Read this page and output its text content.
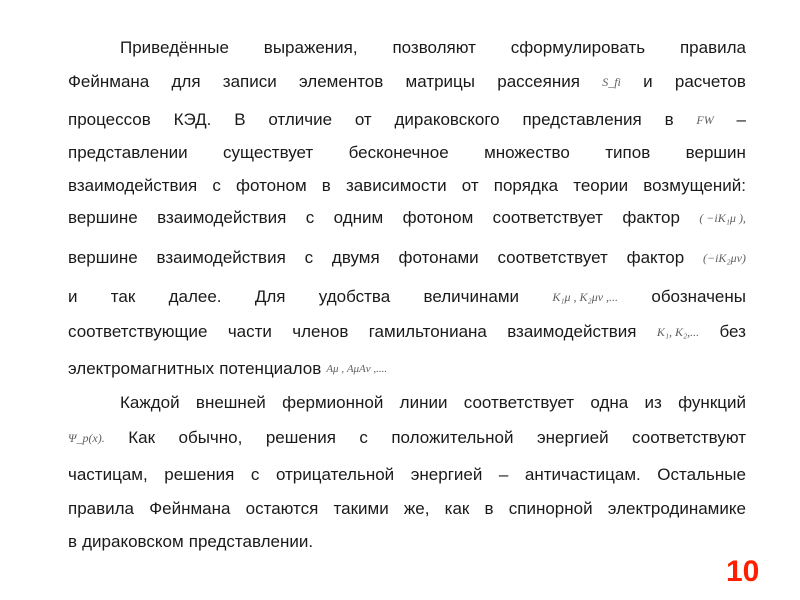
Приведённые выражения, позволяют сформулировать правила
Фейнмана для записи элементов матрицы рассеяния S_fi и расчетов
процессов КЭД. В отличие от дираковского представления в FW –
представлении существует бесконечное множество типов вершин
взаимодействия с фотоном в зависимости от порядка теории возмущений:
вершине взаимодействия с одним фотоном соответствует фактор ( −iK₁μ ),
вершине взаимодействия с двумя фотонами соответствует фактор (−iK₂μν)
и так далее. Для удобства величинами	K₁μ , K₂μν ,... обозначены
соответствующие части членов гамильтониана взаимодействия K₁, K₂,... без
электромагнитных потенциалов Aμ , AμAν ,....
Каждой внешней фермионной линии соответствует одна из функций
Ψ_p(x). Как обычно, решения с положительной энергией соответствуют
частицам, решения с отрицательной энергией – античастицам. Остальные
правила Фейнмана остаются такими же, как в спинорной электродинамике
в дираковском представлении.
10
